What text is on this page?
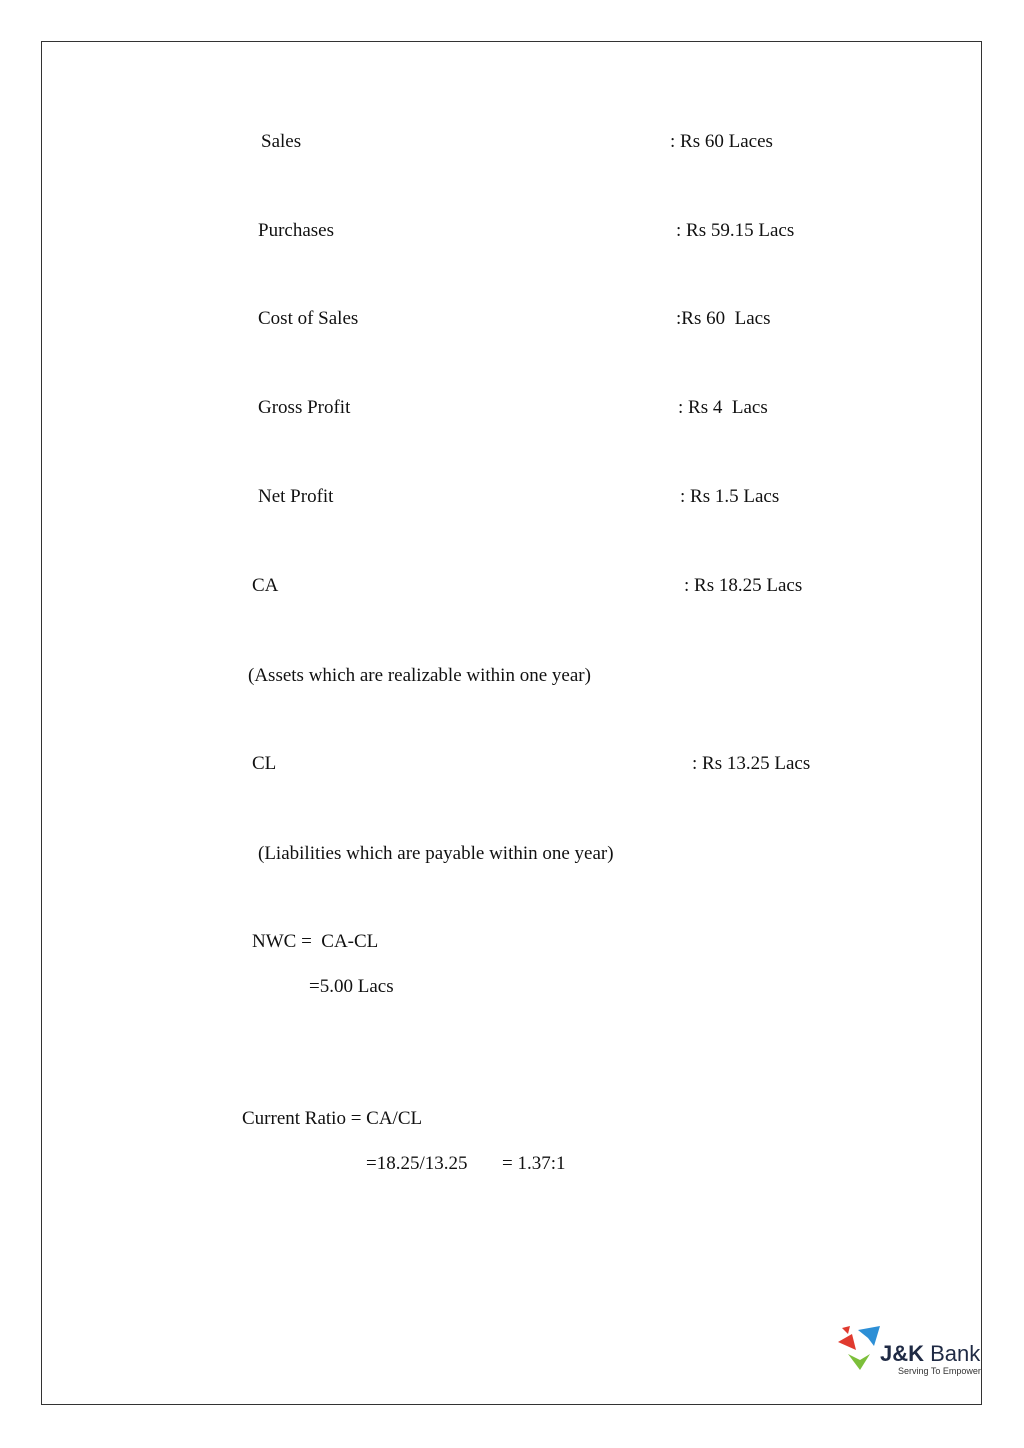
Sales	: Rs 60 Laces
Purchases	: Rs 59.15 Lacs
Cost of Sales	:Rs 60  Lacs
Gross Profit	: Rs 4  Lacs
Net Profit	: Rs 1.5 Lacs
CA	: Rs 18.25 Lacs
(Assets which are realizable within one year)
CL	: Rs 13.25 Lacs
(Liabilities which are payable within one year)
NWC =  CA-CL
=5.00 Lacs
Current Ratio = CA/CL
=18.25/13.25 = 1.37:1
J&K Bank
Serving To Empower
